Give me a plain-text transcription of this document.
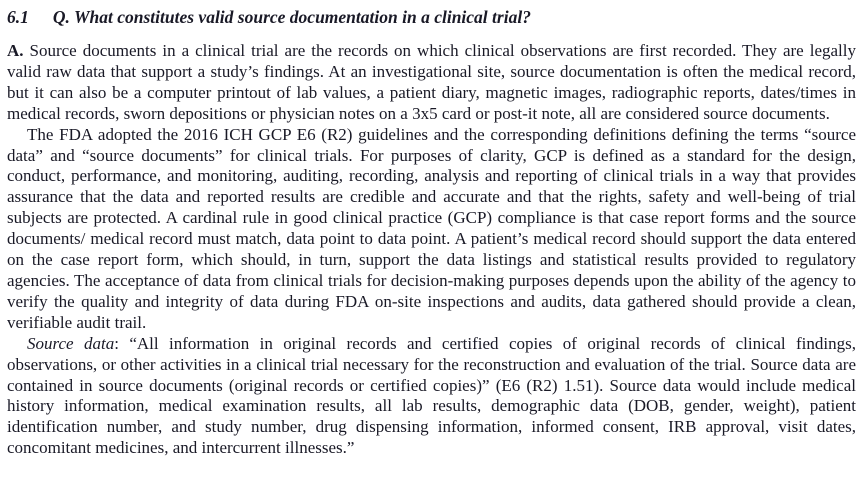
6.1 Q. What constitutes valid source documentation in a clinical trial?

A. Source documents in a clinical trial are the records on which clinical observations are first recorded. They are legally valid raw data that support a study’s findings. At an investigational site, source documentation is often the medical record, but it can also be a computer printout of lab values, a patient diary, magnetic images, radiographic reports, dates/times in medical records, sworn depositions or physician notes on a 3x5 card or post-it note, all are considered source documents.

The FDA adopted the 2016 ICH GCP E6 (R2) guidelines and the corresponding definitions defining the terms “source data” and “source documents” for clinical trials. For purposes of clarity, GCP is defined as a standard for the design, conduct, performance, and monitoring, auditing, recording, analysis and reporting of clinical trials in a way that provides assurance that the data and reported results are credible and accurate and that the rights, safety and well-being of trial subjects are protected. A cardinal rule in good clinical practice (GCP) compliance is that case report forms and the source documents/ medical record must match, data point to data point. A patient’s medical record should support the data entered on the case report form, which should, in turn, support the data listings and statistical results provided to regulatory agencies. The acceptance of data from clinical trials for decision-making purposes depends upon the ability of the agency to verify the quality and integrity of data during FDA on-site inspections and audits, data gathered should provide a clean, verifiable audit trail.

Source data: “All information in original records and certified copies of original records of clinical findings, observations, or other activities in a clinical trial necessary for the reconstruction and evaluation of the trial. Source data are contained in source documents (original records or certified copies)” (E6 (R2) 1.51). Source data would include medical history information, medical examination results, all lab results, demographic data (DOB, gender, weight), patient identification number, and study number, drug dispensing information, informed consent, IRB approval, visit dates, concomitant medicines, and intercurrent illnesses.”
